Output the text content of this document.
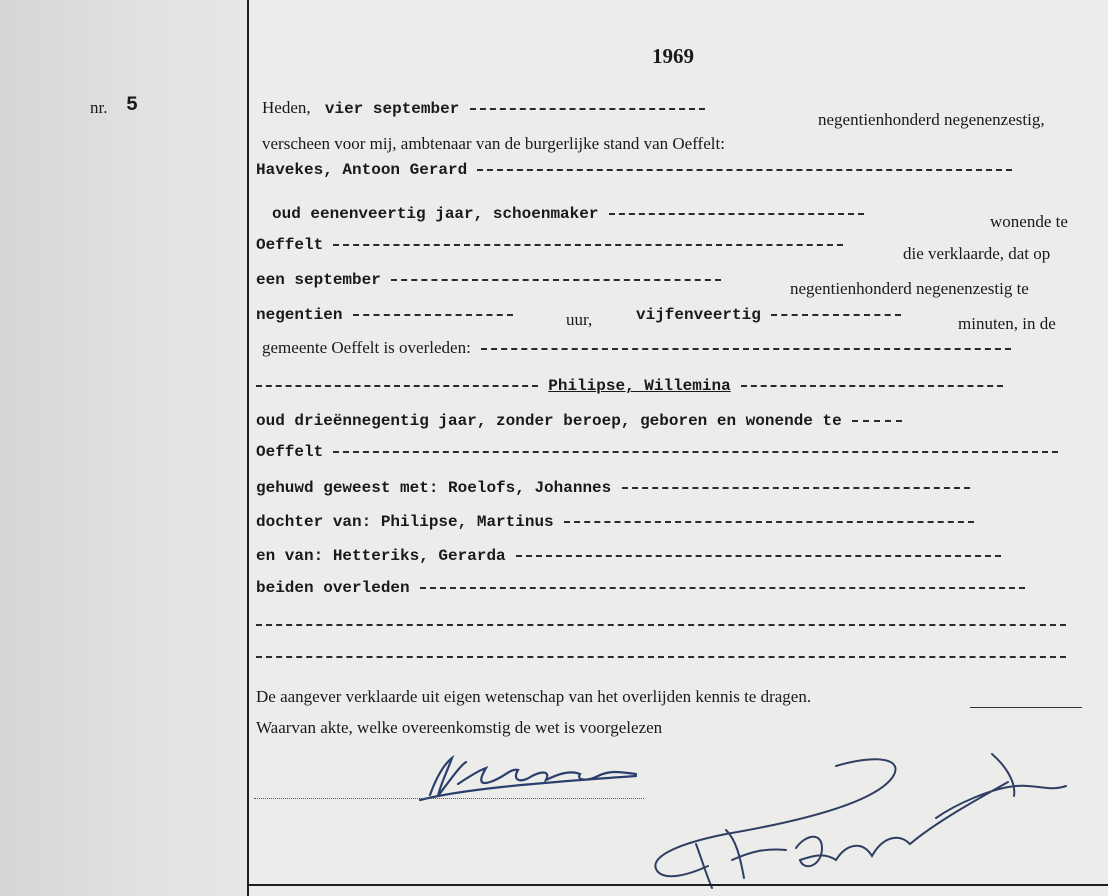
1969
nr. 5	Heden, vier september
negentienhonderd negenenzestig,
verscheen voor mij, ambtenaar van de burgerlijke stand van Oeffelt:
Havekes, Antoon Gerard
oud eenenveertig jaar, schoenmaker	wonende te
Oeffelt	die verklaarde, dat op
een september	negentienhonderd negenenzestig te
negentien	uur,	vijfenveertig	minuten, in de
gemeente Oeffelt is overleden:
Philipse, Willemina
oud drieënnegentig jaar, zonder beroep, geboren en wonende te
Oeffelt
gehuwd geweest met: Roelofs, Johannes
dochter van: Philipse, Martinus
en van: Hetteriks, Gerarda
beiden overleden
De aangever verklaarde uit eigen wetenschap van het overlijden kennis te dragen.
Waarvan akte, welke overeenkomstig de wet is voorgelezen
